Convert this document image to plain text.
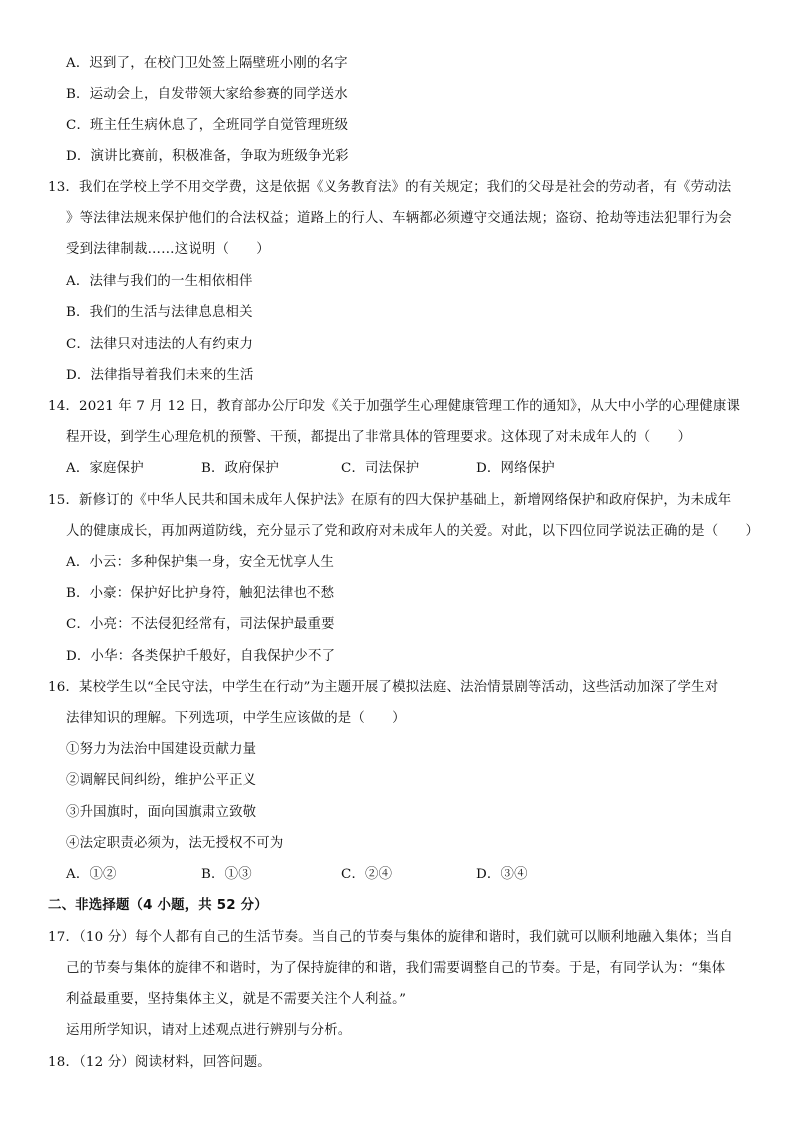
A．迟到了，在校门卫处签上隔壁班小刚的名字
B．运动会上，自发带领大家给参赛的同学送水
C．班主任生病休息了，全班同学自觉管理班级
D．演讲比赛前，积极准备，争取为班级争光彩
13．我们在学校上学不用交学费，这是依据《义务教育法》的有关规定；我们的父母是社会的劳动者，有《劳动法
》等法律法规来保护他们的合法权益；道路上的行人、车辆都必须遵守交通法规；盗窃、抢劫等违法犯罪行为会
受到法律制裁……这说明（　　）
A．法律与我们的一生相依相伴
B．我们的生活与法律息息相关
C．法律只对违法的人有约束力
D．法律指导着我们未来的生活
14．2021 年 7 月 12 日，教育部办公厅印发《关于加强学生心理健康管理工作的通知》，从大中小学的心理健康课
程开设，到学生心理危机的预警、干预，都提出了非常具体的管理要求。这体现了对未成年人的（　　）
A．家庭保护	B．政府保护	C．司法保护	D．网络保护
15．新修订的《中华人民共和国未成年人保护法》在原有的四大保护基础上，新增网络保护和政府保护，为未成年
人的健康成长，再加两道防线，充分显示了党和政府对未成年人的关爱。对此，以下四位同学说法正确的是（　　）
A．小云：多种保护集一身，安全无忧享人生
B．小豪：保护好比护身符，触犯法律也不愁
C．小亮：不法侵犯经常有，司法保护最重要
D．小华：各类保护千般好，自我保护少不了
16．某校学生以“全民守法，中学生在行动”为主题开展了模拟法庭、法治情景剧等活动，这些活动加深了学生对
法律知识的理解。下列选项，中学生应该做的是（　　）
①努力为法治中国建设贡献力量
②调解民间纠纷，维护公平正义
③升国旗时，面向国旗肃立致敬
④法定职责必须为，法无授权不可为
A．①②	B．①③	C．②④	D．③④
二、非选择题（4 小题，共 52 分）
17．（10 分）每个人都有自己的生活节奏。当自己的节奏与集体的旋律和谐时，我们就可以顺利地融入集体；当自
己的节奏与集体的旋律不和谐时，为了保持旋律的和谐，我们需要调整自己的节奏。于是，有同学认为：“集体
利益最重要，坚持集体主义，就是不需要关注个人利益。”
运用所学知识，请对上述观点进行辨别与分析。
18．（12 分）阅读材料，回答问题。
